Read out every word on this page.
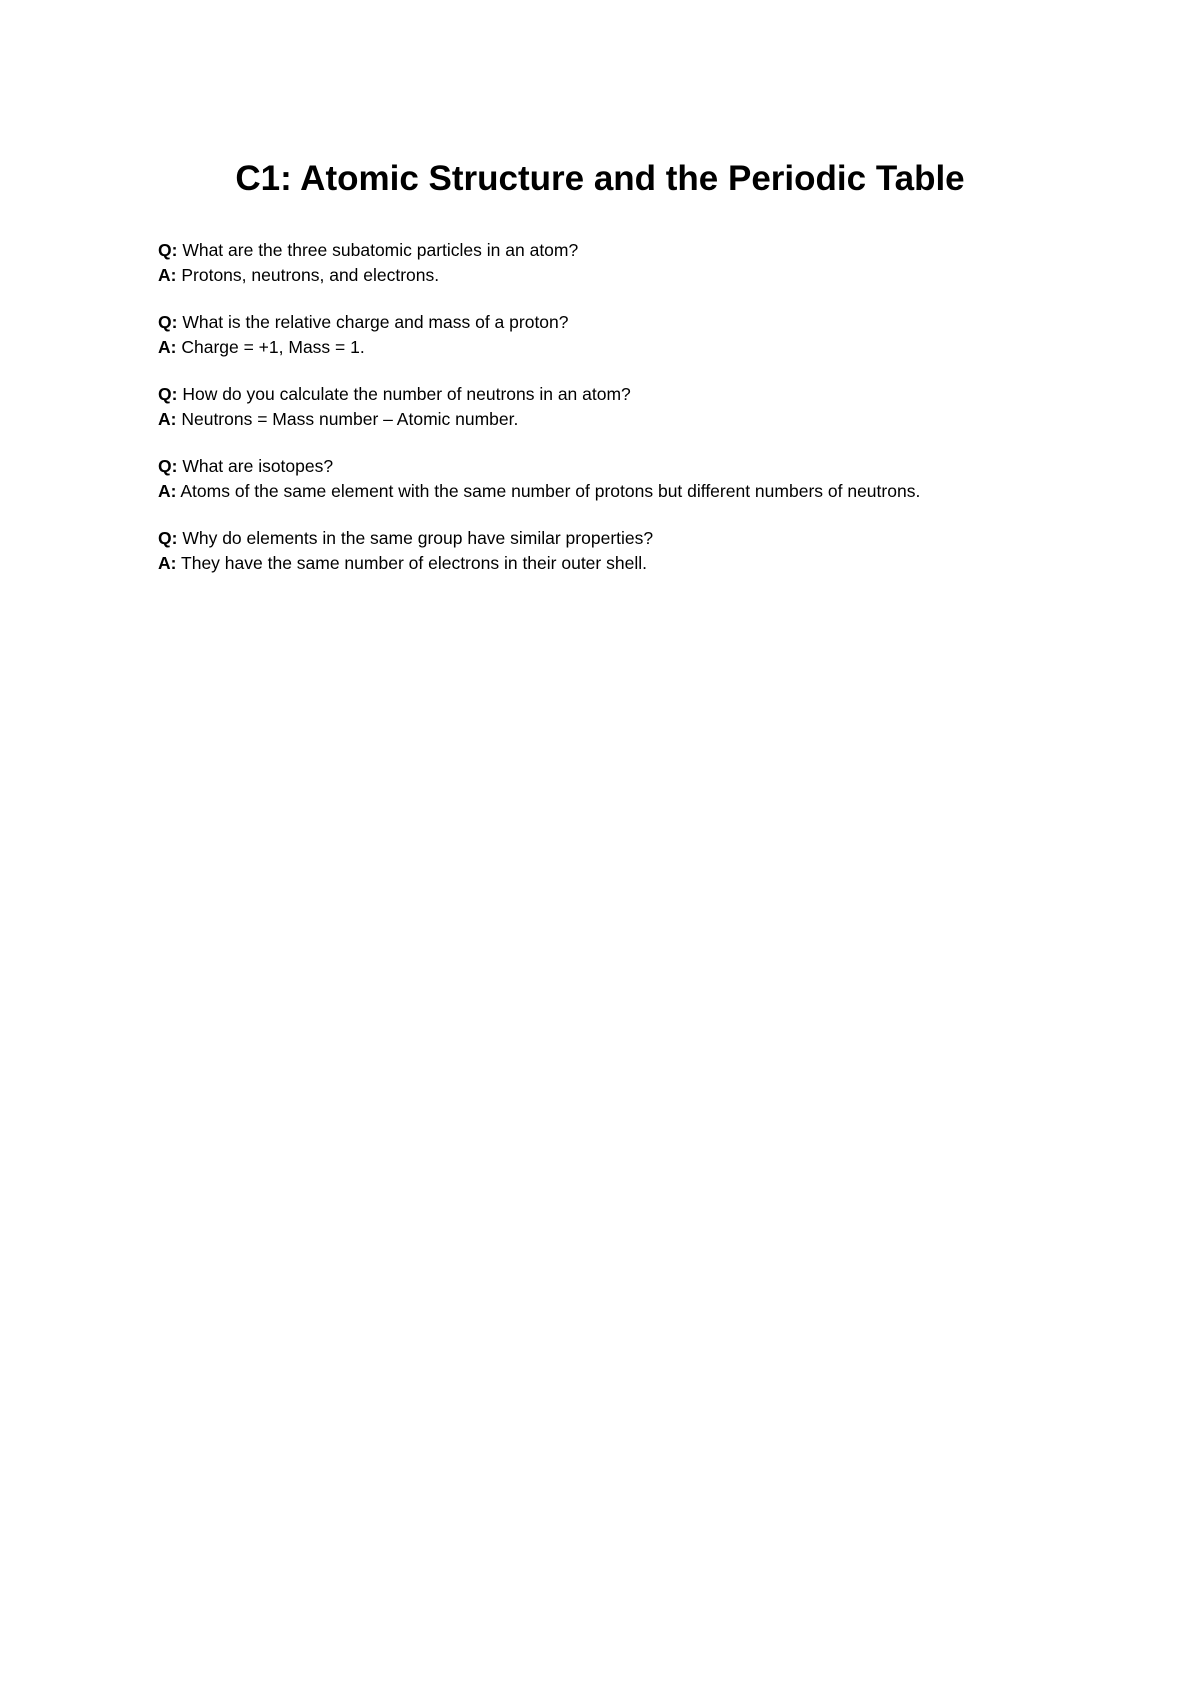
C1: Atomic Structure and the Periodic Table
Q: What are the three subatomic particles in an atom?
A: Protons, neutrons, and electrons.
Q: What is the relative charge and mass of a proton?
A: Charge = +1, Mass = 1.
Q: How do you calculate the number of neutrons in an atom?
A: Neutrons = Mass number – Atomic number.
Q: What are isotopes?
A: Atoms of the same element with the same number of protons but different numbers of neutrons.
Q: Why do elements in the same group have similar properties?
A: They have the same number of electrons in their outer shell.
